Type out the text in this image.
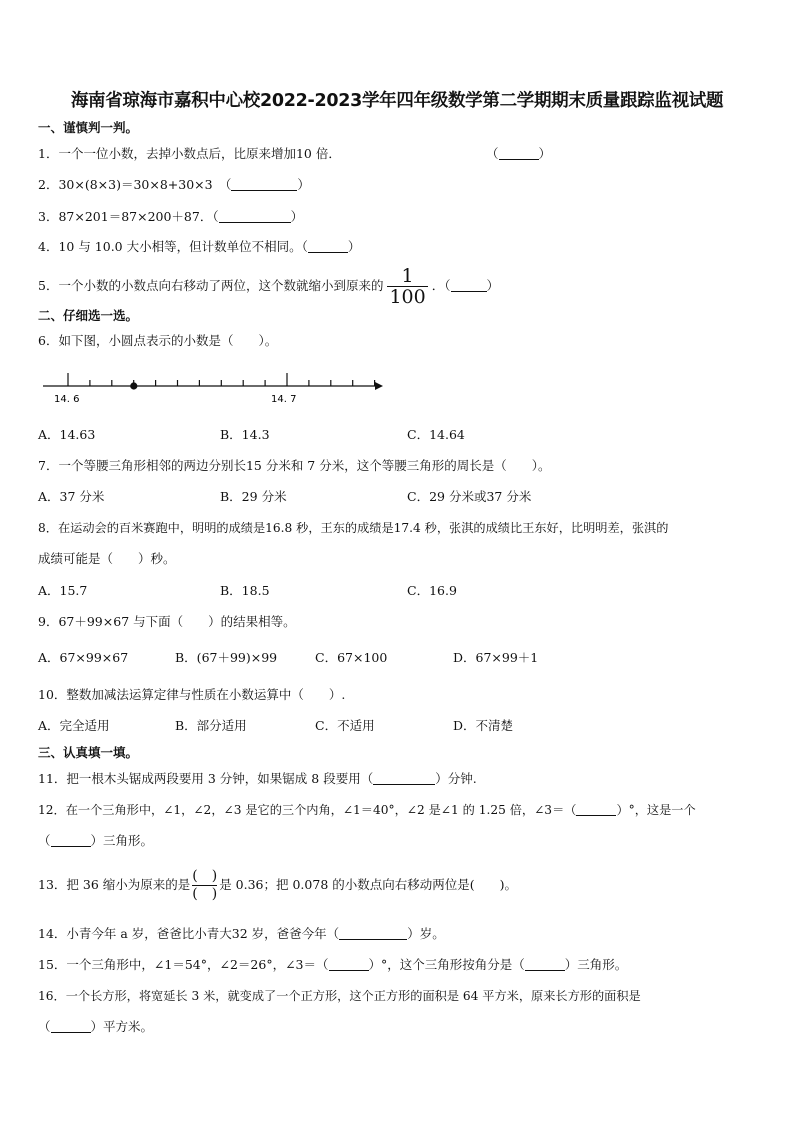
海南省琼海市嘉积中心校2022-2023学年四年级数学第二学期期末质量跟踪监视试题
一、谨慎判一判。
1．一个一位小数，去掉小数点后，比原来增加10 倍．	（	）
2．30×(8×3)＝30×8+30×3　（	）
3．87×201＝87×200＋87．（	）
4．10 与 10.0 大小相等，但计数单位不相同。（	）
5．一个小数的小数点向右移动了两位，这个数就缩小到原来的 $\frac{1}{100}$ ．（	）
二、仔细选一选。
6．如下图，小圆点表示的小数是（　　）。
14. 6	14. 7
A．14.63	B．14.3	C．14.64
7．一个等腰三角形相邻的两边分别长15 分米和 7 分米，这个等腰三角形的周长是（　　）。
A．37 分米	B．29 分米	C．29 分米或37 分米
8．在运动会的百米赛跑中，明明的成绩是16.8 秒，王东的成绩是17.4 秒，张淇的成绩比王东好，比明明差，张淇的
成绩可能是（　　）秒。
A．15.7	B．18.5	C．16.9
9．67＋99×67 与下面（　　）的结果相等。
A．67×99×67	B．(67＋99)×99	C．67×100	D．67×99＋1
10．整数加减法运算定律与性质在小数运算中（　　）.
A．完全适用	B．部分适用	C．不适用	D．不清楚
三、认真填一填。
11．把一根木头锯成两段要用 3 分钟，如果锯成 8 段要用（	）分钟.
12．在一个三角形中，∠1，∠2，∠3 是它的三个内角，∠1＝40°，∠2 是∠1 的 1.25 倍，∠3＝（	）°，这是一个
（	）三角形。
13．把 36 缩小为原来的是 $\frac{( )}{( )}$ 是 0.36；把 0.078 的小数点向右移动两位是(　　)。
14．小青今年 a 岁，爸爸比小青大32 岁，爸爸今年（	）岁。
15．一个三角形中，∠1＝54°，∠2＝26°，∠3＝（	）°，这个三角形按角分是（	）三角形。
16．一个长方形，将宽延长 3 米，就变成了一个正方形，这个正方形的面积是 64 平方米，原来长方形的面积是
（	）平方米。
